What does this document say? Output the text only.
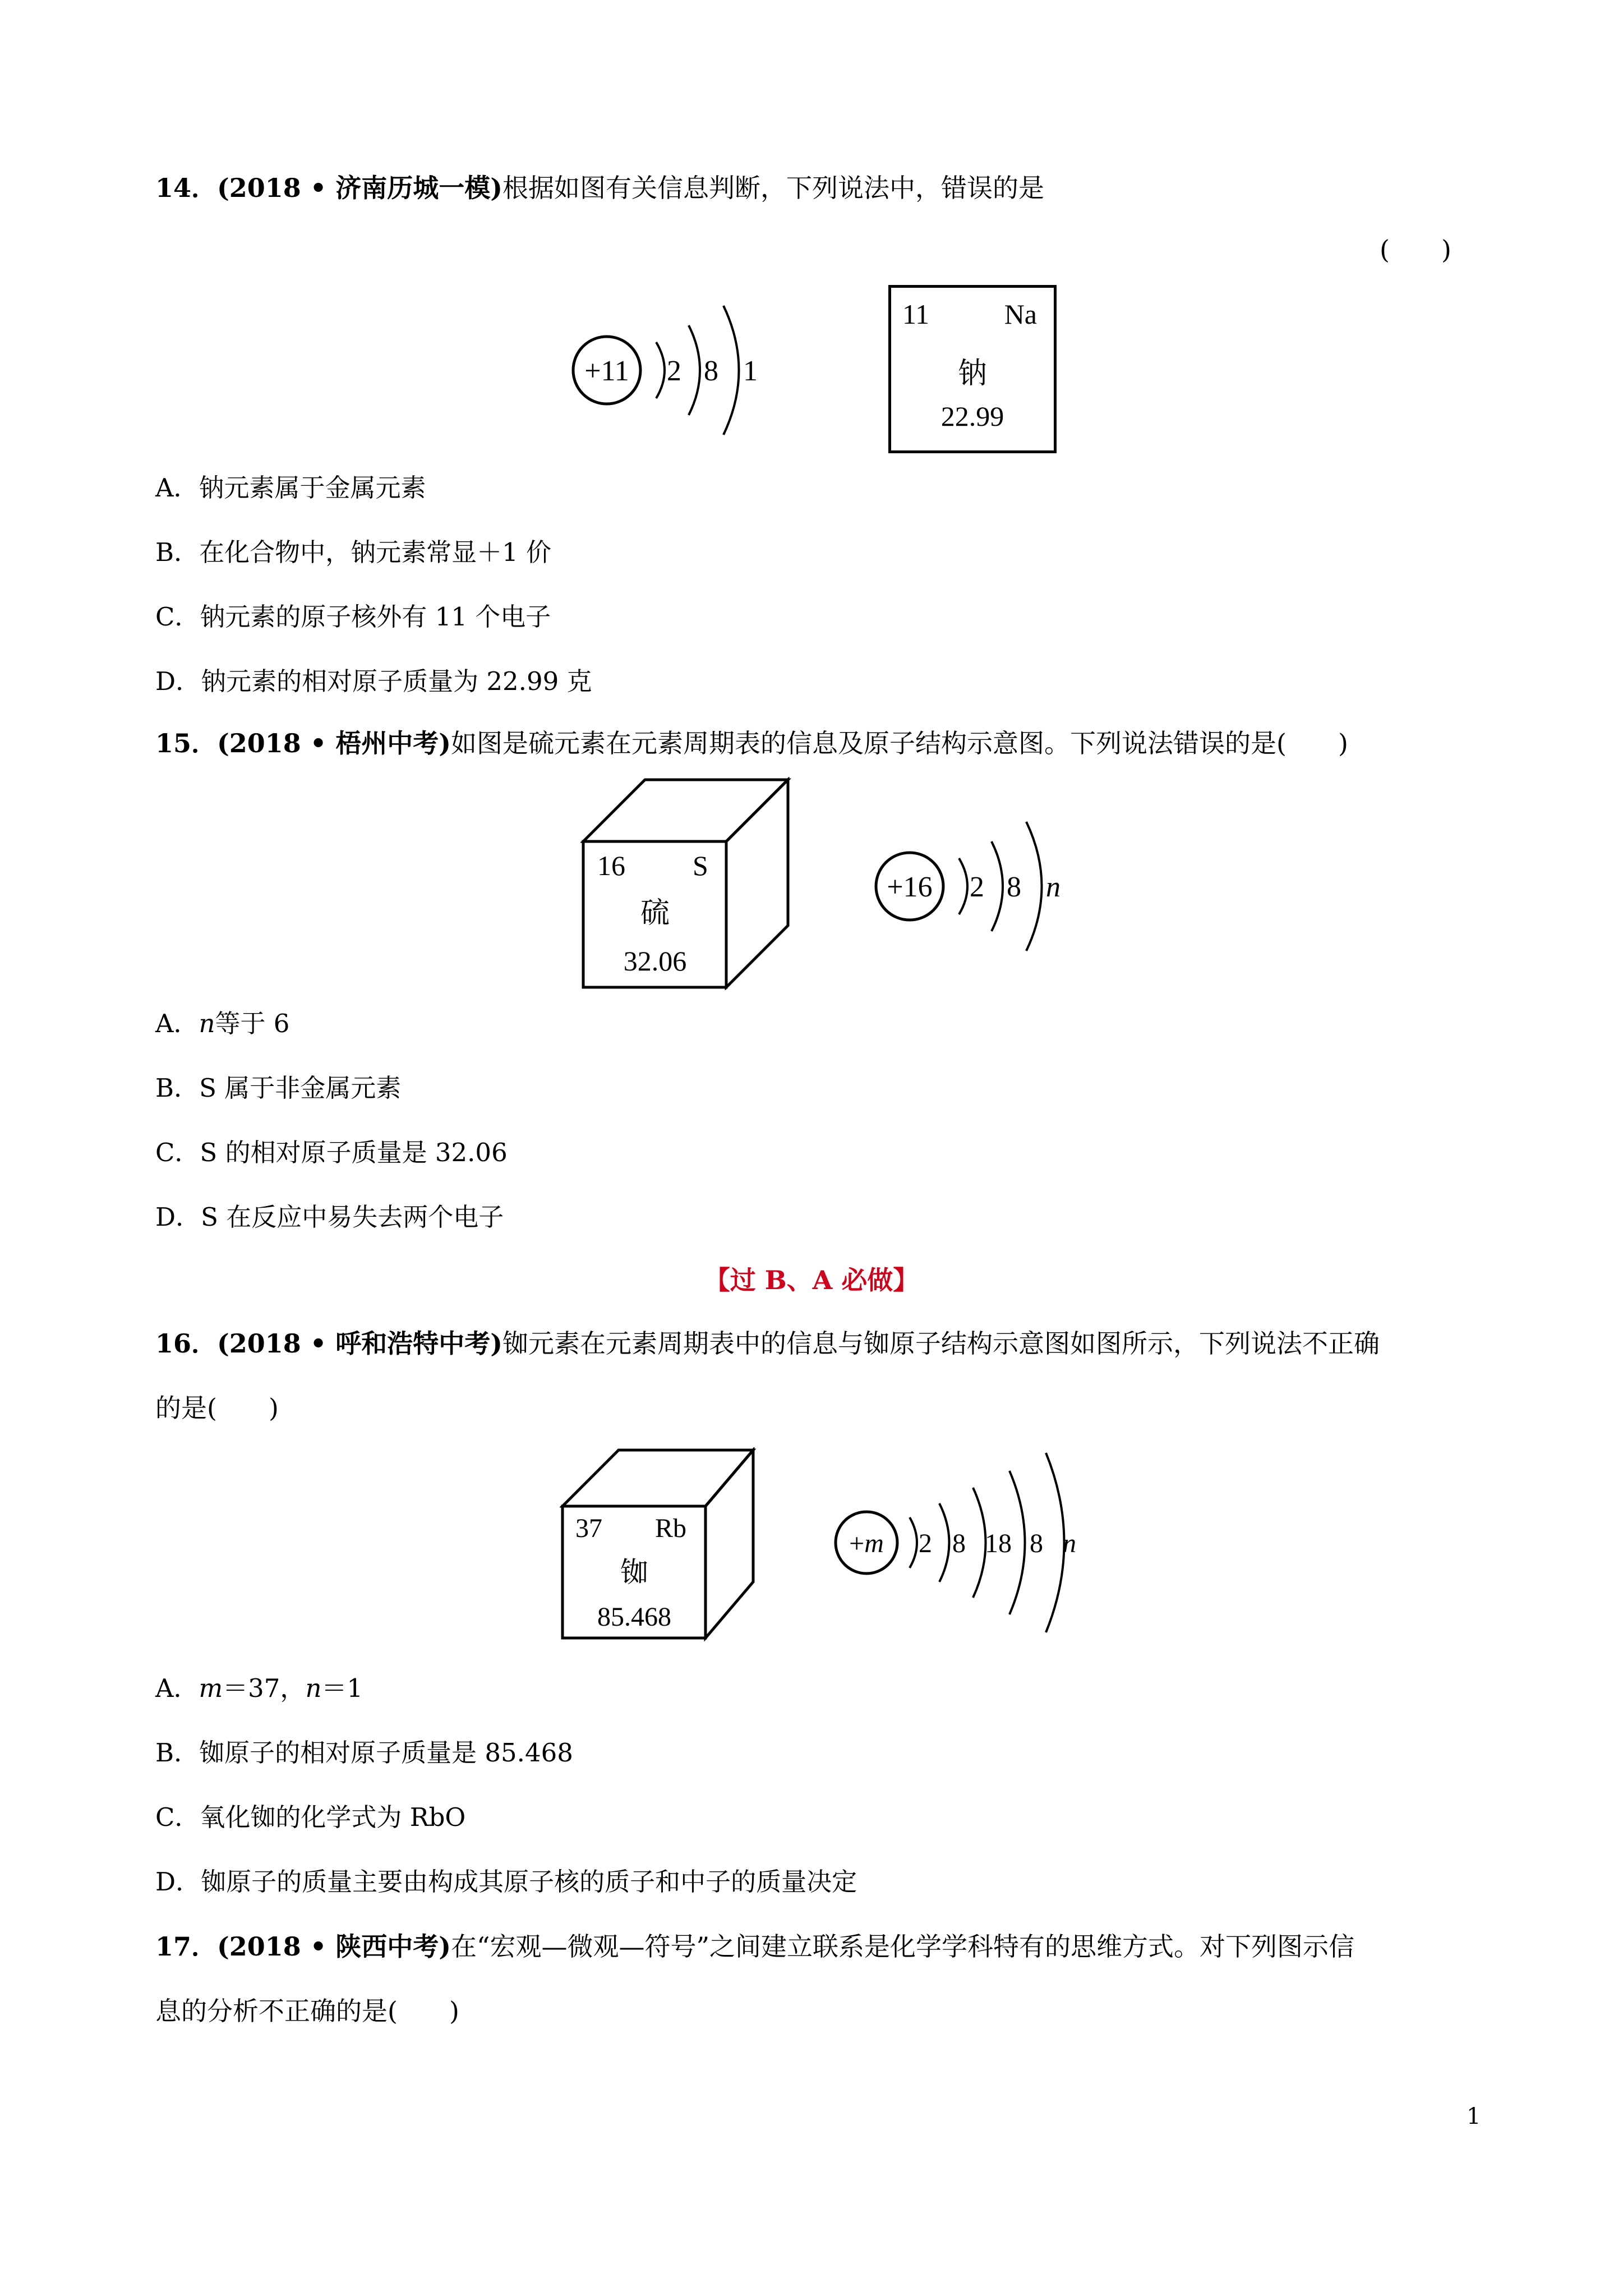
14．(2018 • 济南历城一模)根据如图有关信息判断，下列说法中，错误的是
(　　)
+11 2 8 1
11	Na
钠
22.99
A．钠元素属于金属元素
B．在化合物中，钠元素常显＋1 价
C．钠元素的原子核外有 11 个电子
D．钠元素的相对原子质量为 22.99 克
15．(2018 • 梧州中考)如图是硫元素在元素周期表的信息及原子结构示意图。下列说法错误的是(　　)
16 S
硫
32.06
+16 2 8 n
A．n等于 6
B．S 属于非金属元素
C．S 的相对原子质量是 32.06
D．S 在反应中易失去两个电子
【过 B、A 必做】
16．(2018 • 呼和浩特中考)铷元素在元素周期表中的信息与铷原子结构示意图如图所示，下列说法不正确
的是(　　)
37 Rb
铷
85.468
+m 2 8 18 8 n
A．m＝37，n＝1
B．铷原子的相对原子质量是 85.468
C．氧化铷的化学式为 RbO
D．铷原子的质量主要由构成其原子核的质子和中子的质量决定
17．(2018 • 陕西中考)在“宏观—微观—符号”之间建立联系是化学学科特有的思维方式。对下列图示信
息的分析不正确的是(　　)
1
